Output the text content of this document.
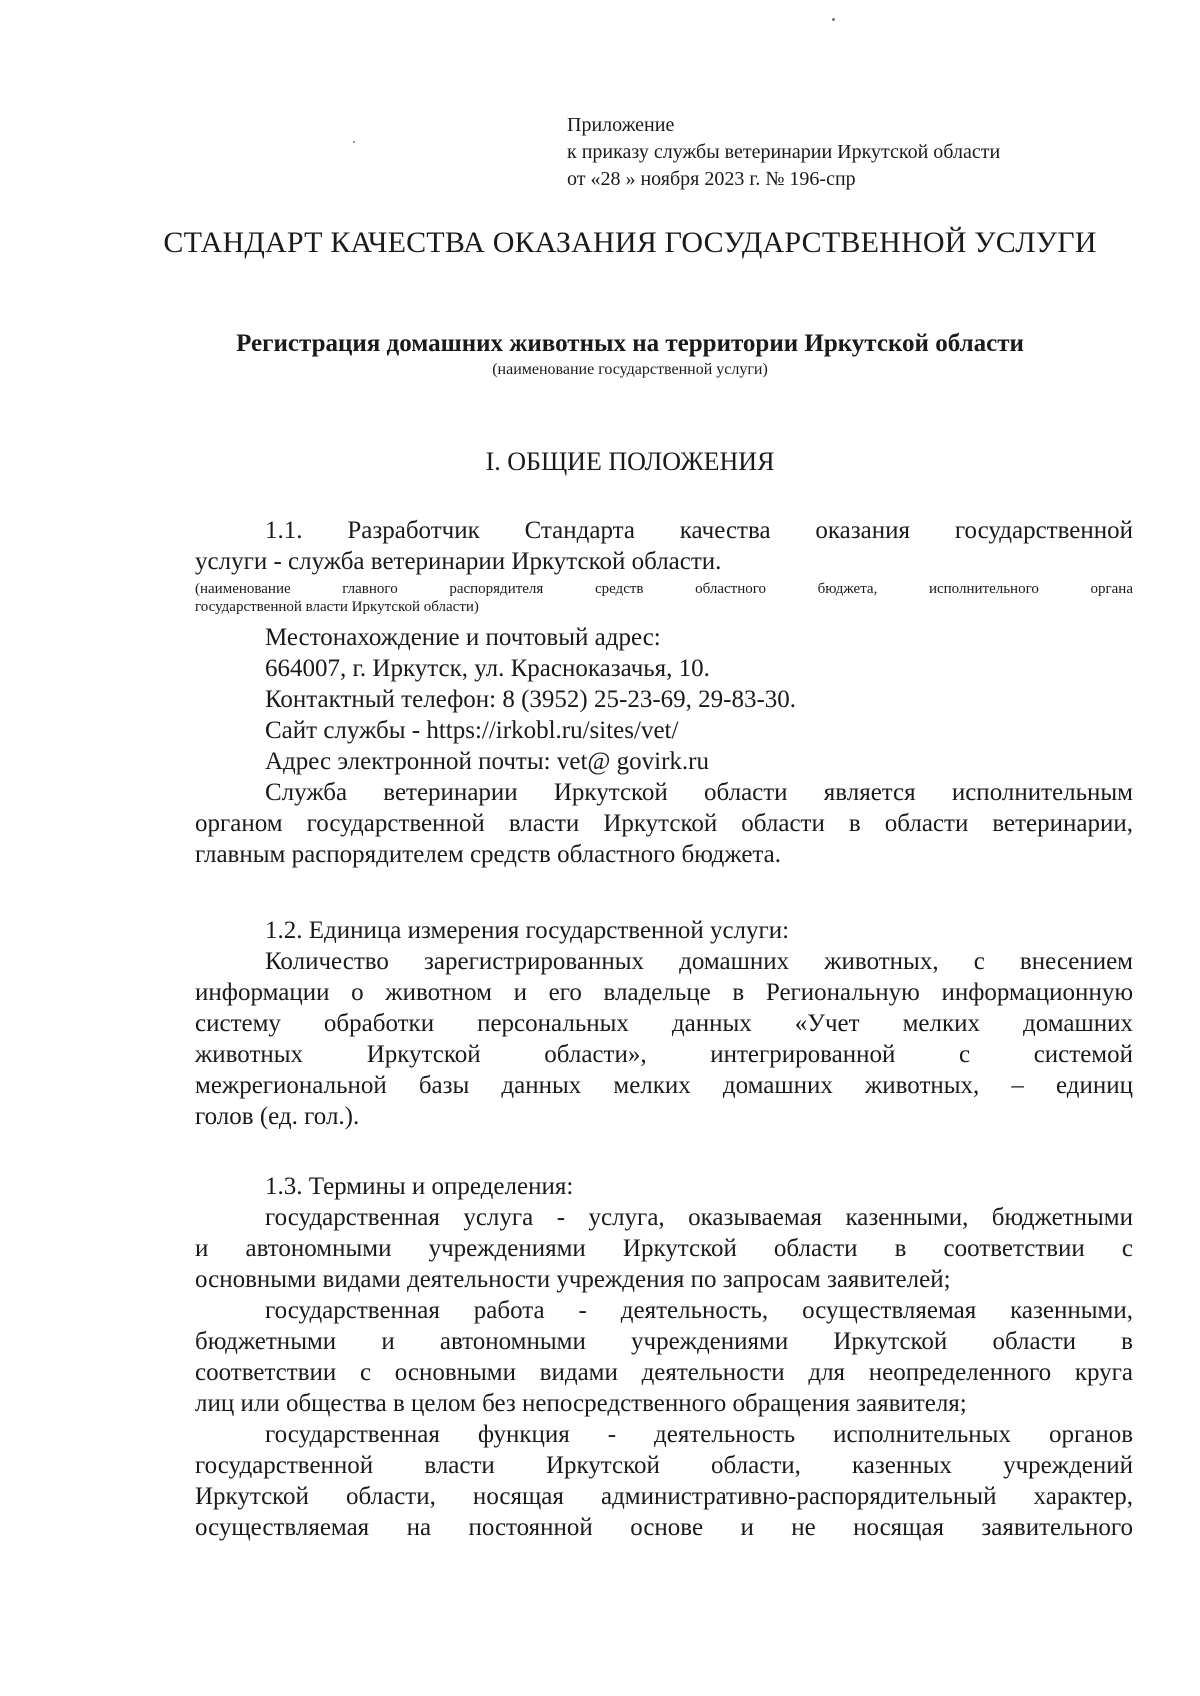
Приложение
к приказу службы ветеринарии Иркутской области
от «28 » ноября 2023 г. № 196-спр
СТАНДАРТ КАЧЕСТВА ОКАЗАНИЯ ГОСУДАРСТВЕННОЙ УСЛУГИ
Регистрация домашних животных на территории Иркутской области
(наименование государственной услуги)
I. ОБЩИЕ ПОЛОЖЕНИЯ
1.1. Разработчик Стандарта качества оказания государственной
услуги - служба ветеринарии Иркутской области.
(наименование главного распорядителя средств областного бюджета, исполнительного органа
государственной власти Иркутской области)
Местонахождение и почтовый адрес:
664007, г. Иркутск, ул. Красноказачья, 10.
Контактный телефон: 8 (3952) 25-23-69, 29-83-30.
Сайт службы - https://irkobl.ru/sites/vet/
Адрес электронной почты: vet@ govirk.ru
Служба ветеринарии Иркутской области является исполнительным
органом государственной власти Иркутской области в области ветеринарии,
главным распорядителем средств областного бюджета.
1.2. Единица измерения государственной услуги:
Количество зарегистрированных домашних животных, с внесением
информации о животном и его владельце в Региональную информационную
систему обработки персональных данных «Учет мелких домашних
животных Иркутской области», интегрированной с системой
межрегиональной базы данных мелких домашних животных, – единиц
голов (ед. гол.).
1.3. Термины и определения:
государственная услуга - услуга, оказываемая казенными, бюджетными
и автономными учреждениями Иркутской области в соответствии с
основными видами деятельности учреждения по запросам заявителей;
государственная работа - деятельность, осуществляемая казенными,
бюджетными и автономными учреждениями Иркутской области в
соответствии с основными видами деятельности для неопределенного круга
лиц или общества в целом без непосредственного обращения заявителя;
государственная функция - деятельность исполнительных органов
государственной власти Иркутской области, казенных учреждений
Иркутской области, носящая административно-распорядительный характер,
осуществляемая на постоянной основе и не носящая заявительного
